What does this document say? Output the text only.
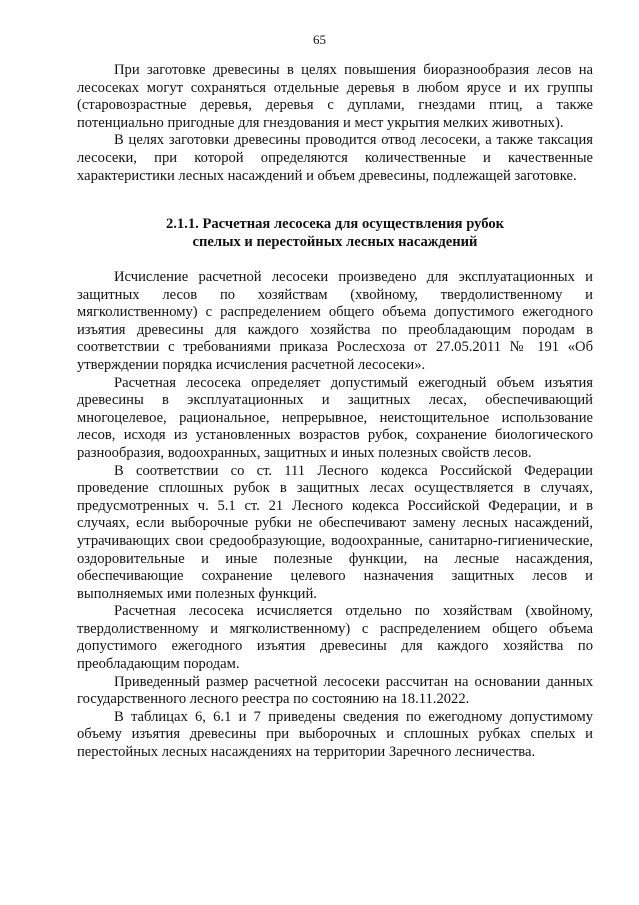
65

При заготовке древесины в целях повышения биоразнообразия лесов на лесосеках могут сохраняться отдельные деревья в любом ярусе и их группы (старовозрастные деревья, деревья с дуплами, гнездами птиц, а также потенциально пригодные для гнездования и мест укрытия мелких животных).

В целях заготовки древесины проводится отвод лесосеки, а также таксация лесосеки, при которой определяются количественные и качественные характеристики лесных насаждений и объем древесины, подлежащей заготовке.

2.1.1. Расчетная лесосека для осуществления рубок
спелых и перестойных лесных насаждений

Исчисление расчетной лесосеки произведено для эксплуатационных и защитных лесов по хозяйствам (хвойному, твердолиственному и мягколиственному) с распределением общего объема допустимого ежегодного изъятия древесины для каждого хозяйства по преобладающим породам в соответствии с требованиями приказа Рослесхоза от 27.05.2011 № 191 «Об утверждении порядка исчисления расчетной лесосеки».

Расчетная лесосека определяет допустимый ежегодный объем изъятия древесины в эксплуатационных и защитных лесах, обеспечивающий многоцелевое, рациональное, непрерывное, неистощительное использование лесов, исходя из установленных возрастов рубок, сохранение биологического разнообразия, водоохранных, защитных и иных полезных свойств лесов.

В соответствии со ст. 111 Лесного кодекса Российской Федерации проведение сплошных рубок в защитных лесах осуществляется в случаях, предусмотренных ч. 5.1 ст. 21 Лесного кодекса Российской Федерации, и в случаях, если выборочные рубки не обеспечивают замену лесных насаждений, утрачивающих свои средообразующие, водоохранные, санитарно-гигиенические, оздоровительные и иные полезные функции, на лесные насаждения, обеспечивающие сохранение целевого назначения защитных лесов и выполняемых ими полезных функций.

Расчетная лесосека исчисляется отдельно по хозяйствам (хвойному, твердолиственному и мягколиственному) с распределением общего объема допустимого ежегодного изъятия древесины для каждого хозяйства по преобладающим породам.

Приведенный размер расчетной лесосеки рассчитан на основании данных государственного лесного реестра по состоянию на 18.11.2022.

В таблицах 6, 6.1 и 7 приведены сведения по ежегодному допустимому объему изъятия древесины при выборочных и сплошных рубках спелых и перестойных лесных насаждениях на территории Заречного лесничества.
